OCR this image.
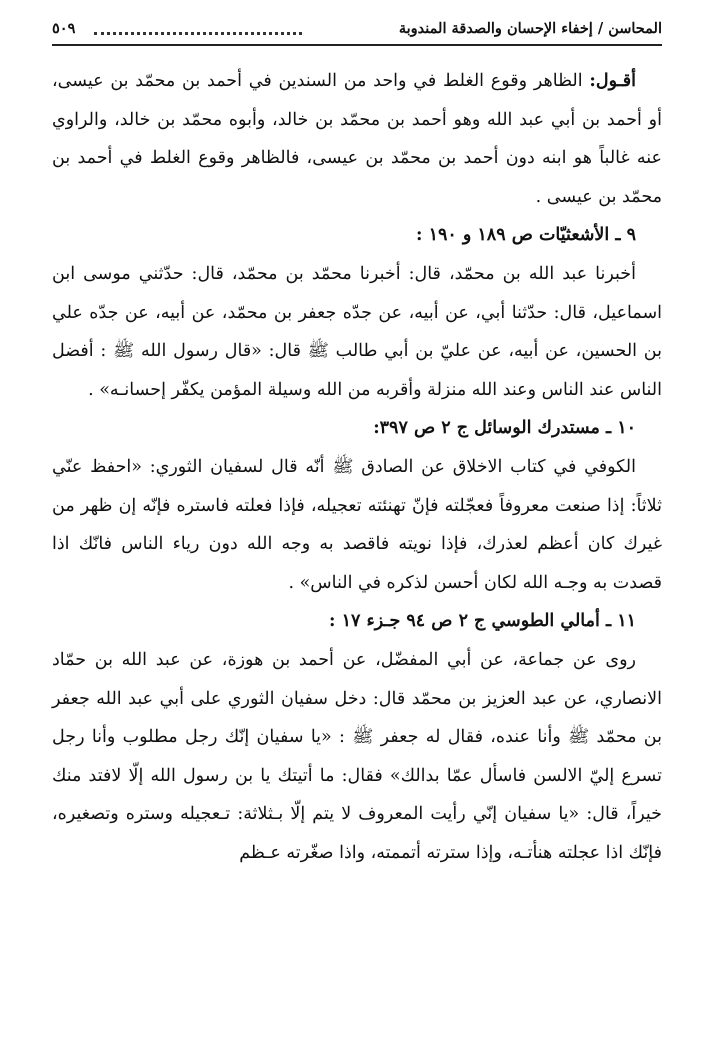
المحاسن / إخفاء الإحسان والصدقة المندوبة
٥٠٩

أقـول: الظاهر وقوع الغلط في واحد من السندين في أحمد بن محمّد بن عيسى، أو أحمد بن أبي عبد الله وهو أحمد بن محمّد بن خالد، وأبوه محمّد بن خالد، والراوي عنه غالباً هو ابنه دون أحمد بن محمّد بن عيسى، فالظاهر وقوع الغلط في أحمد بن محمّد بن عيسى .

٩ ـ الأشعثيّات ص ١٨٩ و ١٩٠ :

أخبرنا عبد الله بن محمّد، قال: أخبرنا محمّد بن محمّد، قال: حدّثني موسى ابن اسماعيل، قال: حدّثنا أبي، عن أبيه، عن جدّه جعفر بن محمّد، عن أبيه، عن جدّه علي بن الحسين، عن أبيه، عن عليّ بن أبي طالب ﷺ قال: «قال رسول الله ﷺ : أفضل الناس عند الناس وعند الله منزلة وأقربه من الله وسيلة المؤمن يكفّر إحسانـه» .

١٠ ـ مستدرك الوسائل ج ٢ ص ٣٩٧:

الكوفي في كتاب الاخلاق عن الصادق ﷺ أنّه قال لسفيان الثوري: «احفظ عنّي ثلاثاً: إذا صنعت معروفاً فعجّلته فإنّ تهنئته تعجيله، فإذا فعلته فاستره فإنّه إن ظهر من غيرك كان أعظم لعذرك، فإذا نويته فاقصد به وجه الله دون رياء الناس فانّك اذا قصدت به وجـه الله لكان أحسن لذكره في الناس» .

١١ ـ أمالي الطوسي ج ٢ ص ٩٤ جـزء ١٧ :

روى عن جماعة، عن أبي المفضّل، عن أحمد بن هوزة، عن عبد الله بن حمّاد الانصاري، عن عبد العزيز بن محمّد قال: دخل سفيان الثوري على أبي عبد الله جعفر بن محمّد ﷺ وأنا عنده، فقال له جعفر ﷺ : «يا سفيان إنّك رجل مطلوب وأنا رجل تسرع إليّ الالسن فاسأل عمّا بدالك» فقال: ما أتيتك يا بن رسول الله إلّا لافتد منك خيراً، قال: «يا سفيان إنّي رأيت المعروف لا يتم إلّا بـثلاثة: تـعجيله وستره وتصغيره، فإنّك اذا عجلته هنأتـه، وإذا سترته أتممته، واذا صغّرته عـظم
